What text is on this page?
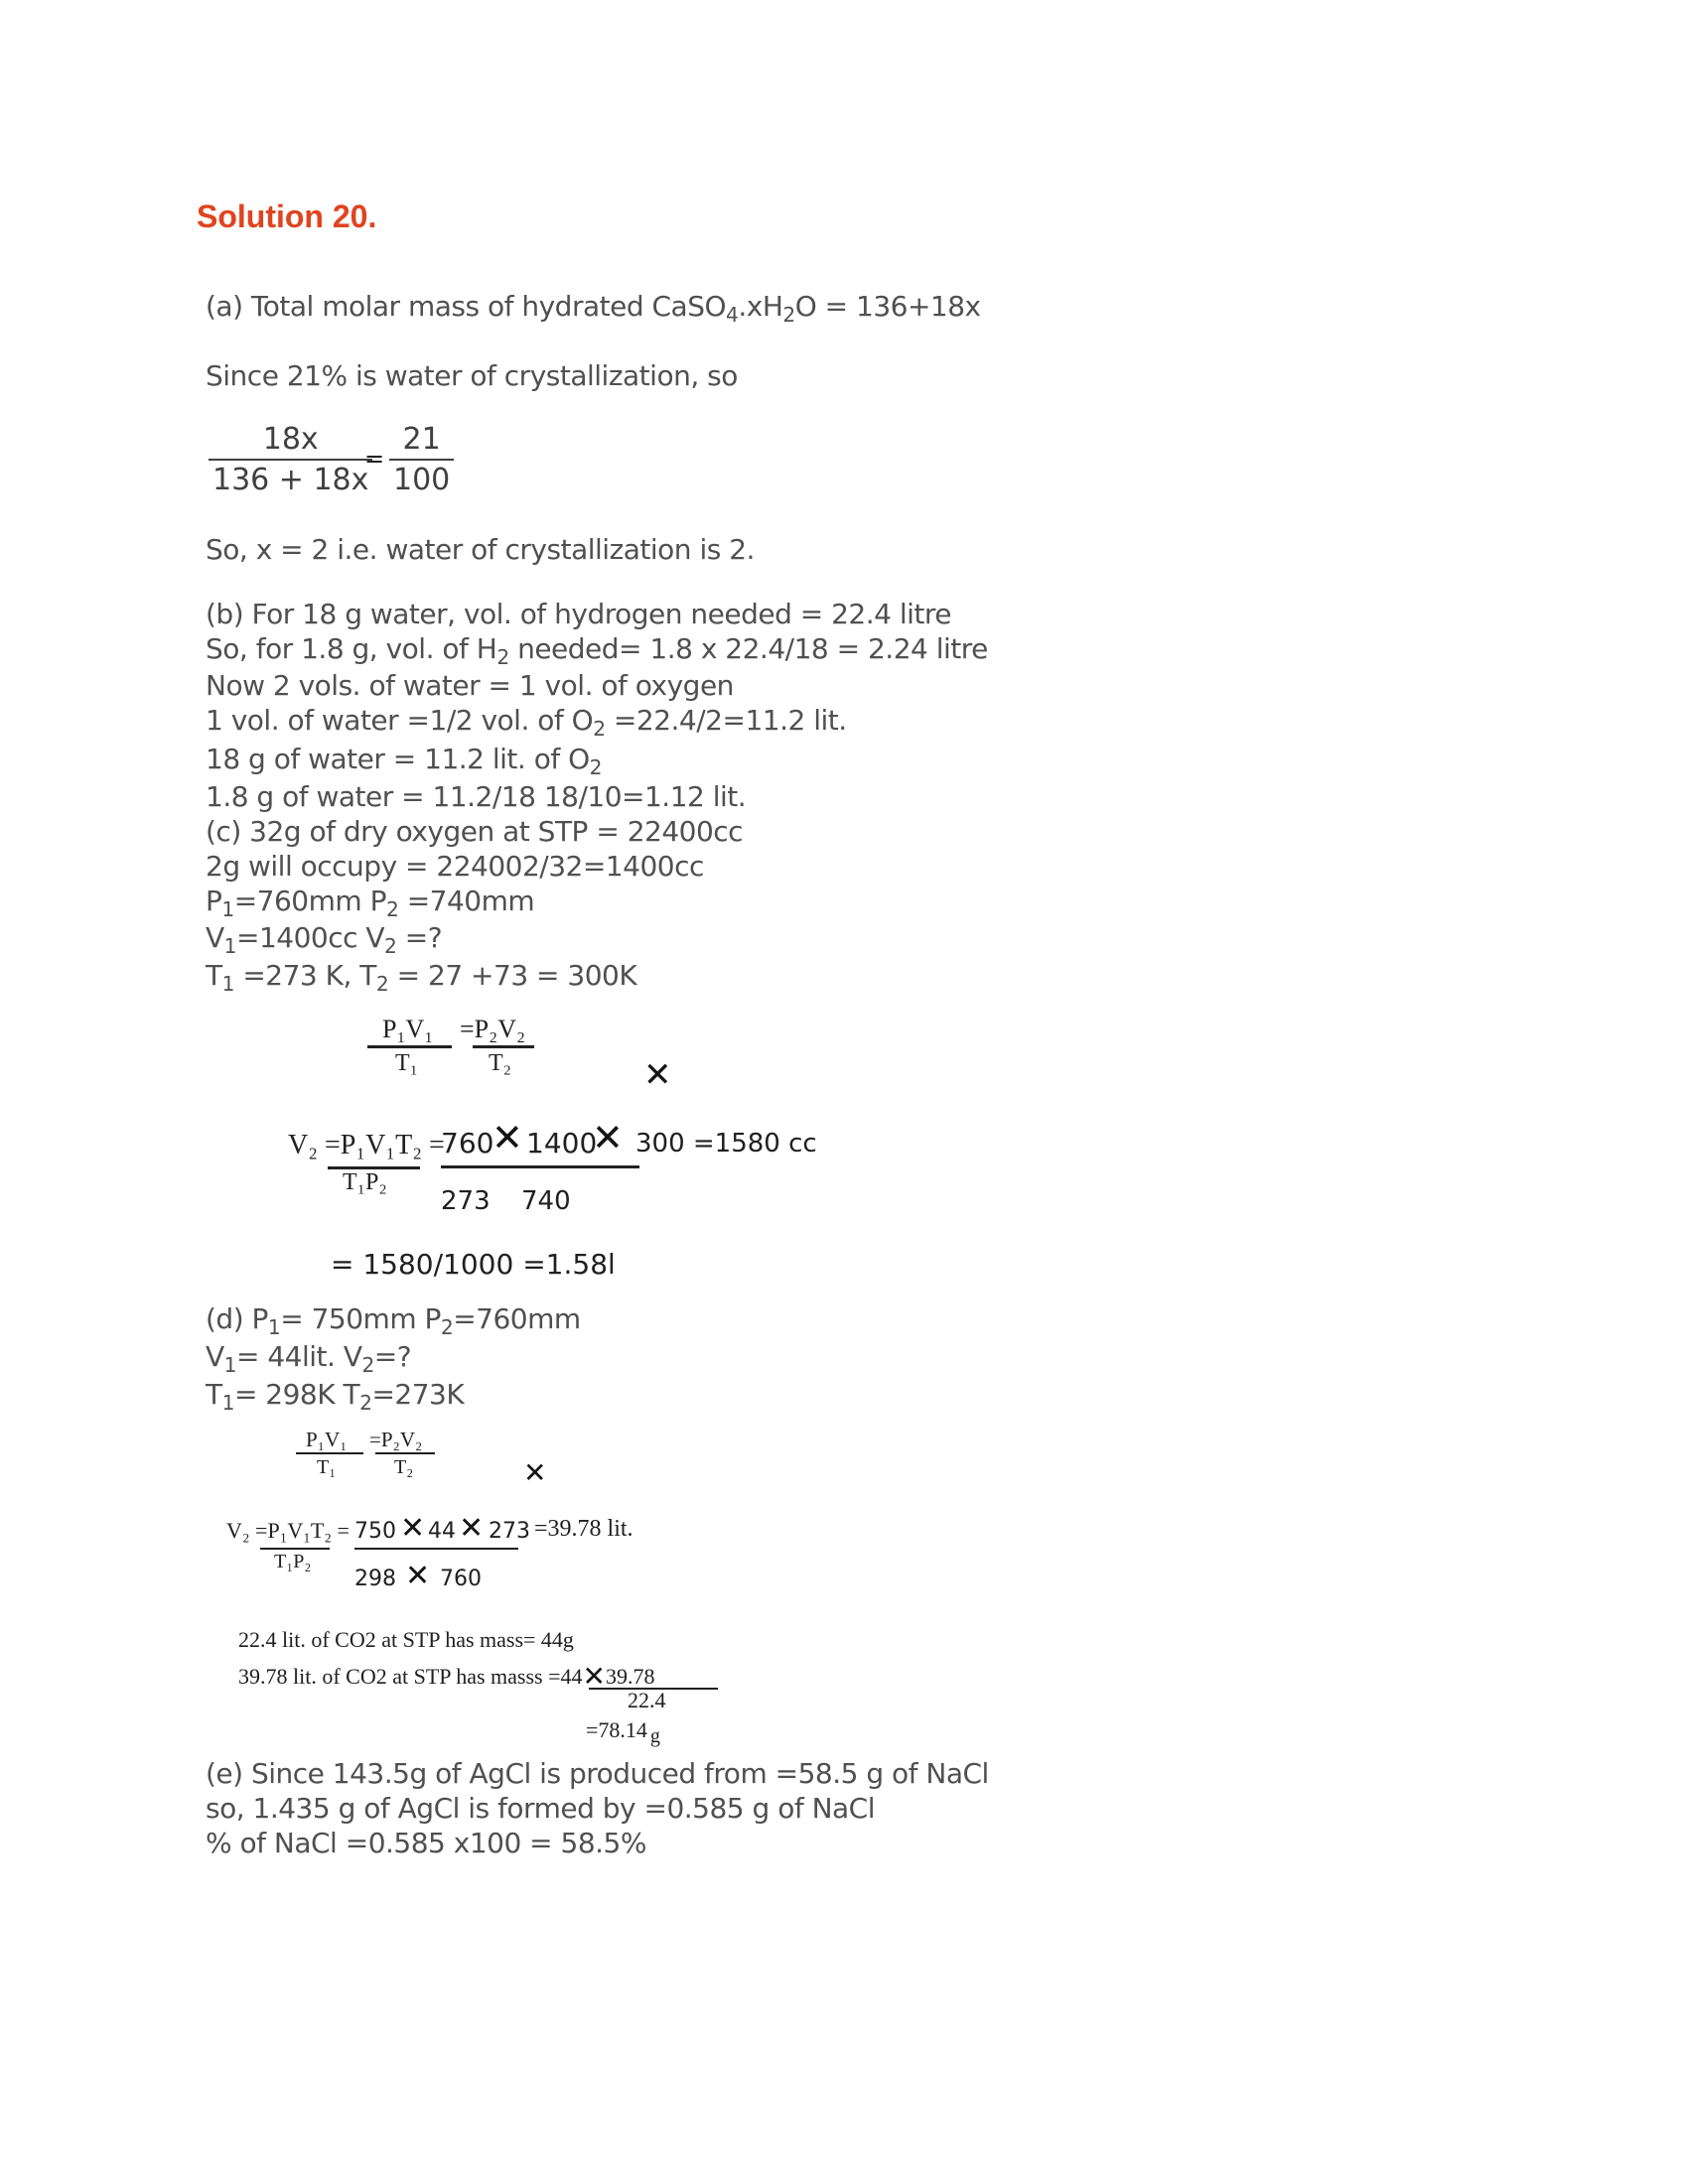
Solution 20.
(a) Total molar mass of hydrated $CaSO_4.xH_2O = 136+18x$
Since 21% is water of crystallization, so
$\frac{18x}{136 + 18x}$
= $\frac{21}{100}$
So, x = 2 i.e. water of crystallization is 2.
(b) For 18 g water, vol. of hydrogen needed = 22.4 litre
So, for 1.8 g, vol. of $H_2$ needed= 1.8 x 22.4/18 = 2.24 litre
Now 2 vols. of water = 1 vol. of oxygen
1 vol. of water =1/2 vol. of $O_2 =22.4/2=11.2$ lit.
18 g of water = 11.2 lit. of $O_2$
1.8 g of water = 11.2/18 18/10=1.12 lit.
(c) 32g of dry oxygen at STP = 22400cc
2g will occupy = 224002/32=1400cc
$P_1=760mm$ $P_2 =740mm$
$V_1=1400cc$ $V_2$ =?
$T_1 =273$ K, $T_2 = 27 +73 = 300K$
P₁V₁
T₁
=P₂V₂
T₂	✕
V₂ =P₁V₁T₂ =
T₁P₂
760
✕ 1400
✕ 300 =1580 cc
273 740
= 1580/1000 =1.58l
(d) $P_1= 750mm$ $P_2=760mm$
$V_1= 44lit$. $V_2=$?
$T_1= 298K$ $T_2=273K$
P₁V₁
T₁
=P₂V₂
T₂	✕
V₂ =P₁V₁T₂ =
T₁P₂
750 ✕ 44 ✕ 273 =39.78 lit.
298 ✕ 760
22.4 lit. of CO2 at STP has mass= 44g
39.78 lit. of CO2 at STP has masss =44✕39.78
22.4
=78.14 g
(e) Since 143.5g of AgCl is produced from =58.5 g of NaCl
so, 1.435 g of AgCl is formed by =0.585 g of NaCl
% of NaCl =0.585 x100 = 58.5%
